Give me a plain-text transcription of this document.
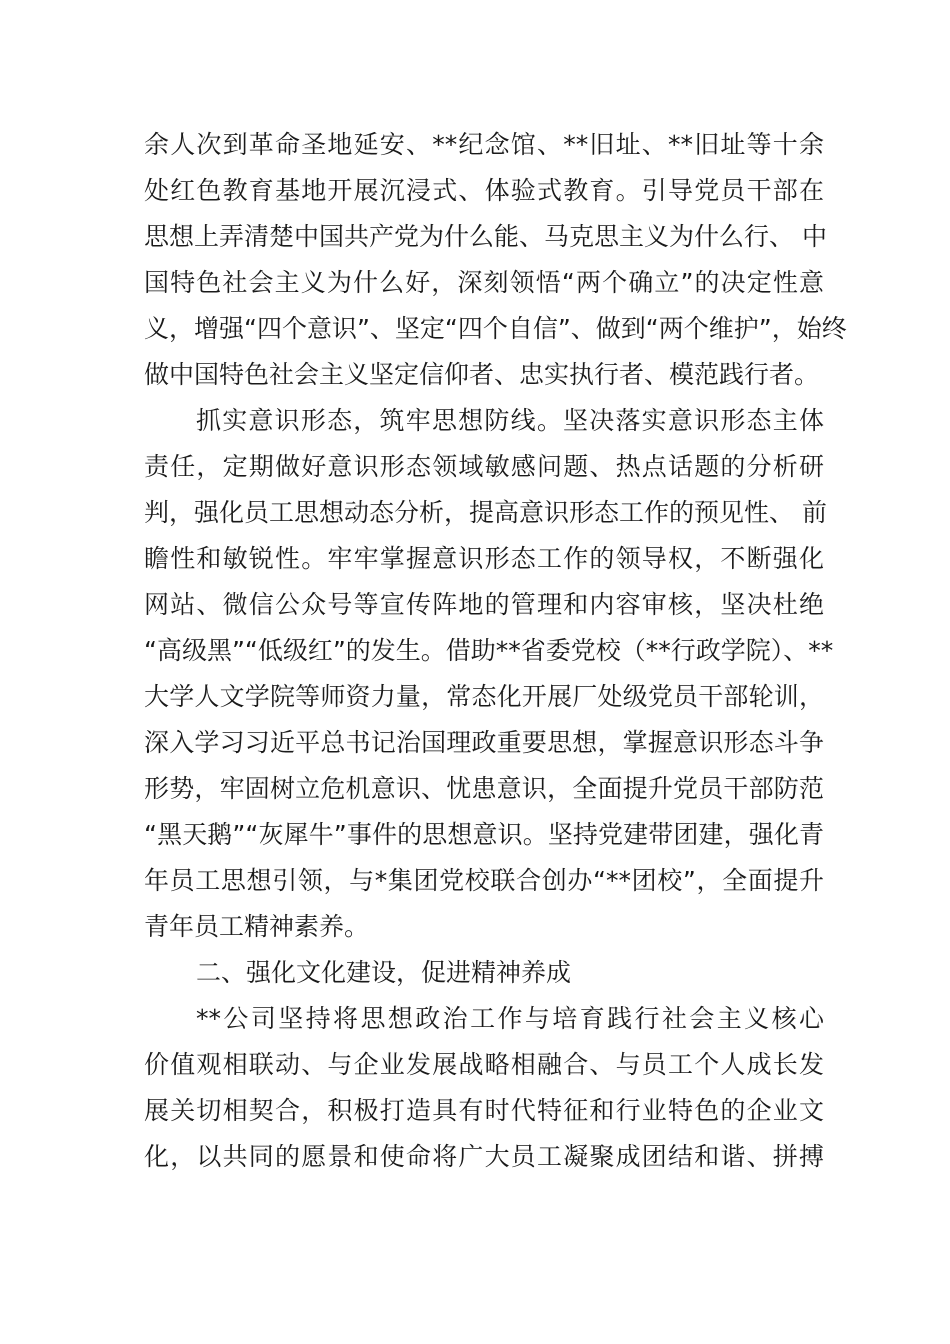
余人次到革命圣地延安、**纪念馆、**旧址、**旧址等十余
处红色教育基地开展沉浸式、体验式教育。引导党员干部在
思想上弄清楚中国共产党为什么能、马克思主义为什么行、 中
国特色社会主义为什么好，深刻领悟“两个确立”的决定性意
义，增强“四个意识”、坚定“四个自信”、做到“两个维护”，始终
做中国特色社会主义坚定信仰者、忠实执行者、模范践行者。
抓实意识形态，筑牢思想防线。坚决落实意识形态主体
责任，定期做好意识形态领域敏感问题、热点话题的分析研
判，强化员工思想动态分析，提高意识形态工作的预见性、 前
瞻性和敏锐性。牢牢掌握意识形态工作的领导权，不断强化
网站、微信公众号等宣传阵地的管理和内容审核，坚决杜绝
“高级黑”“低级红”的发生。借助**省委党校（**行政学院）、**
大学人文学院等师资力量，常态化开展厂处级党员干部轮训，
深入学习习近平总书记治国理政重要思想，掌握意识形态斗争
形势，牢固树立危机意识、忧患意识，全面提升党员干部防范
“黑天鹅”“灰犀牛”事件的思想意识。坚持党建带团建，强化青
年员工思想引领，与*集团党校联合创办“**团校”，全面提升
青年员工精神素养。
二、强化文化建设，促进精神养成
**公司坚持将思想政治工作与培育践行社会主义核心
价值观相联动、与企业发展战略相融合、与员工个人成长发
展关切相契合，积极打造具有时代特征和行业特色的企业文
化，以共同的愿景和使命将广大员工凝聚成团结和谐、拼搏
